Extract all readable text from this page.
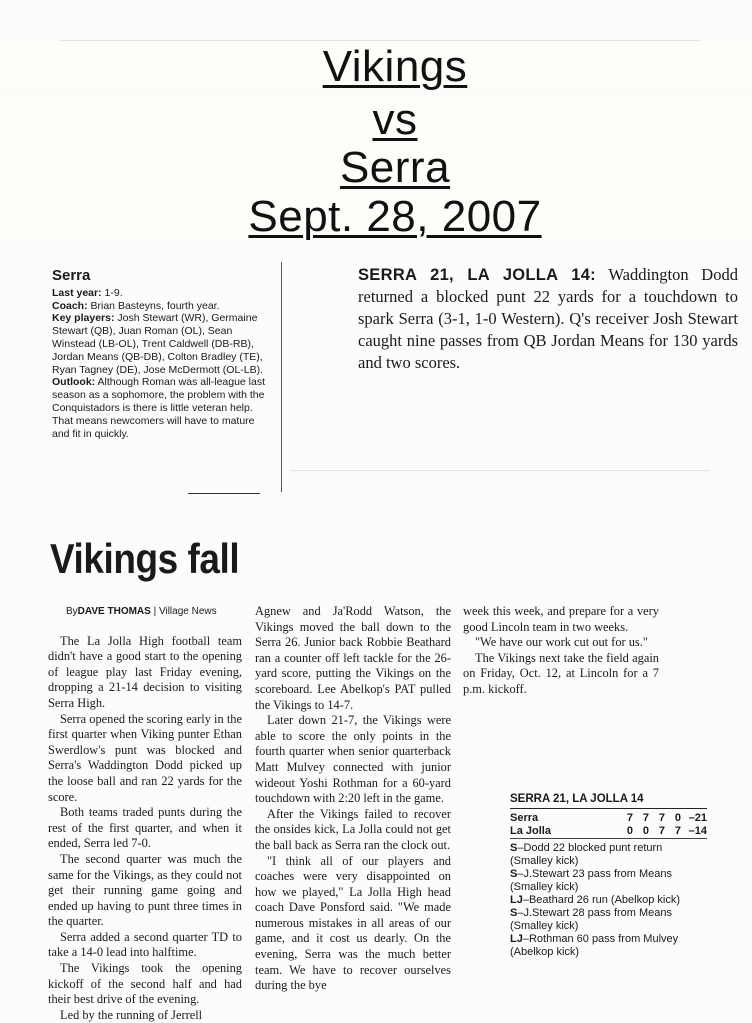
Vikings
vs
Serra
Sept. 28, 2007
Serra
Last year: 1-9.
Coach: Brian Basteyns, fourth year.
Key players: Josh Stewart (WR), Germaine Stewart (QB), Juan Roman (OL), Sean Winstead (LB-OL), Trent Caldwell (DB-RB), Jordan Means (QB-DB), Colton Bradley (TE), Ryan Tagney (DE), Jose McDermott (OL-LB).
Outlook: Although Roman was all-league last season as a sophomore, the problem with the Conquistadors is there is little veteran help. That means newcomers will have to mature and fit in quickly.
SERRA 21, LA JOLLA 14: Waddington Dodd returned a blocked punt 22 yards for a touchdown to spark Serra (3-1, 1-0 Western). Q's receiver Josh Stewart caught nine passes from QB Jordan Means for 130 yards and two scores.
Vikings fall

ByDAVE THOMAS | Village News

The La Jolla High football team didn't have a good start to the opening of league play last Friday evening, dropping a 21-14 decision to visiting Serra High.

Serra opened the scoring early in the first quarter when Viking punter Ethan Swerdlow's punt was blocked and Serra's Waddington Dodd picked up the loose ball and ran 22 yards for the score.

Both teams traded punts during the rest of the first quarter, and when it ended, Serra led 7-0.

The second quarter was much the same for the Vikings, as they could not get their running game going and ended up having to punt three times in the quarter.

Serra added a second quarter TD to take a 14-0 lead into halftime.

The Vikings took the opening kickoff of the second half and had their best drive of the evening.

Led by the running of Jerrell

Agnew and Ja'Rodd Watson, the Vikings moved the ball down to the Serra 26. Junior back Robbie Beathard ran a counter off left tackle for the 26-yard score, putting the Vikings on the scoreboard. Lee Abelkop's PAT pulled the Vikings to 14-7.

Later down 21-7, the Vikings were able to score the only points in the fourth quarter when senior quarterback Matt Mulvey connected with junior wideout Yoshi Rothman for a 60-yard touchdown with 2:20 left in the game.

After the Vikings failed to recover the onsides kick, La Jolla could not get the ball back as Serra ran the clock out.

"I think all of our players and coaches were very disappointed on how we played," La Jolla High head coach Dave Ponsford said. "We made numerous mistakes in all areas of our game, and it cost us dearly. On the evening, Serra was the much better team. We have to recover ourselves during the bye

week this week, and prepare for a very good Lincoln team in two weeks.

"We have our work cut out for us."

The Vikings next take the field again on Friday, Oct. 12, at Lincoln for a 7 p.m. kickoff.

SERRA 21, LA JOLLA 14
Serra	7	7	7	0	–21
La Jolla	0	0	7	7	–14
S–Dodd 22 blocked punt return (Smalley kick)
S–J.Stewart 23 pass from Means (Smalley kick)
LJ–Beathard 26 run (Abelkop kick)
S–J.Stewart 28 pass from Means (Smalley kick)
LJ–Rothman 60 pass from Mulvey (Abelkop kick)
